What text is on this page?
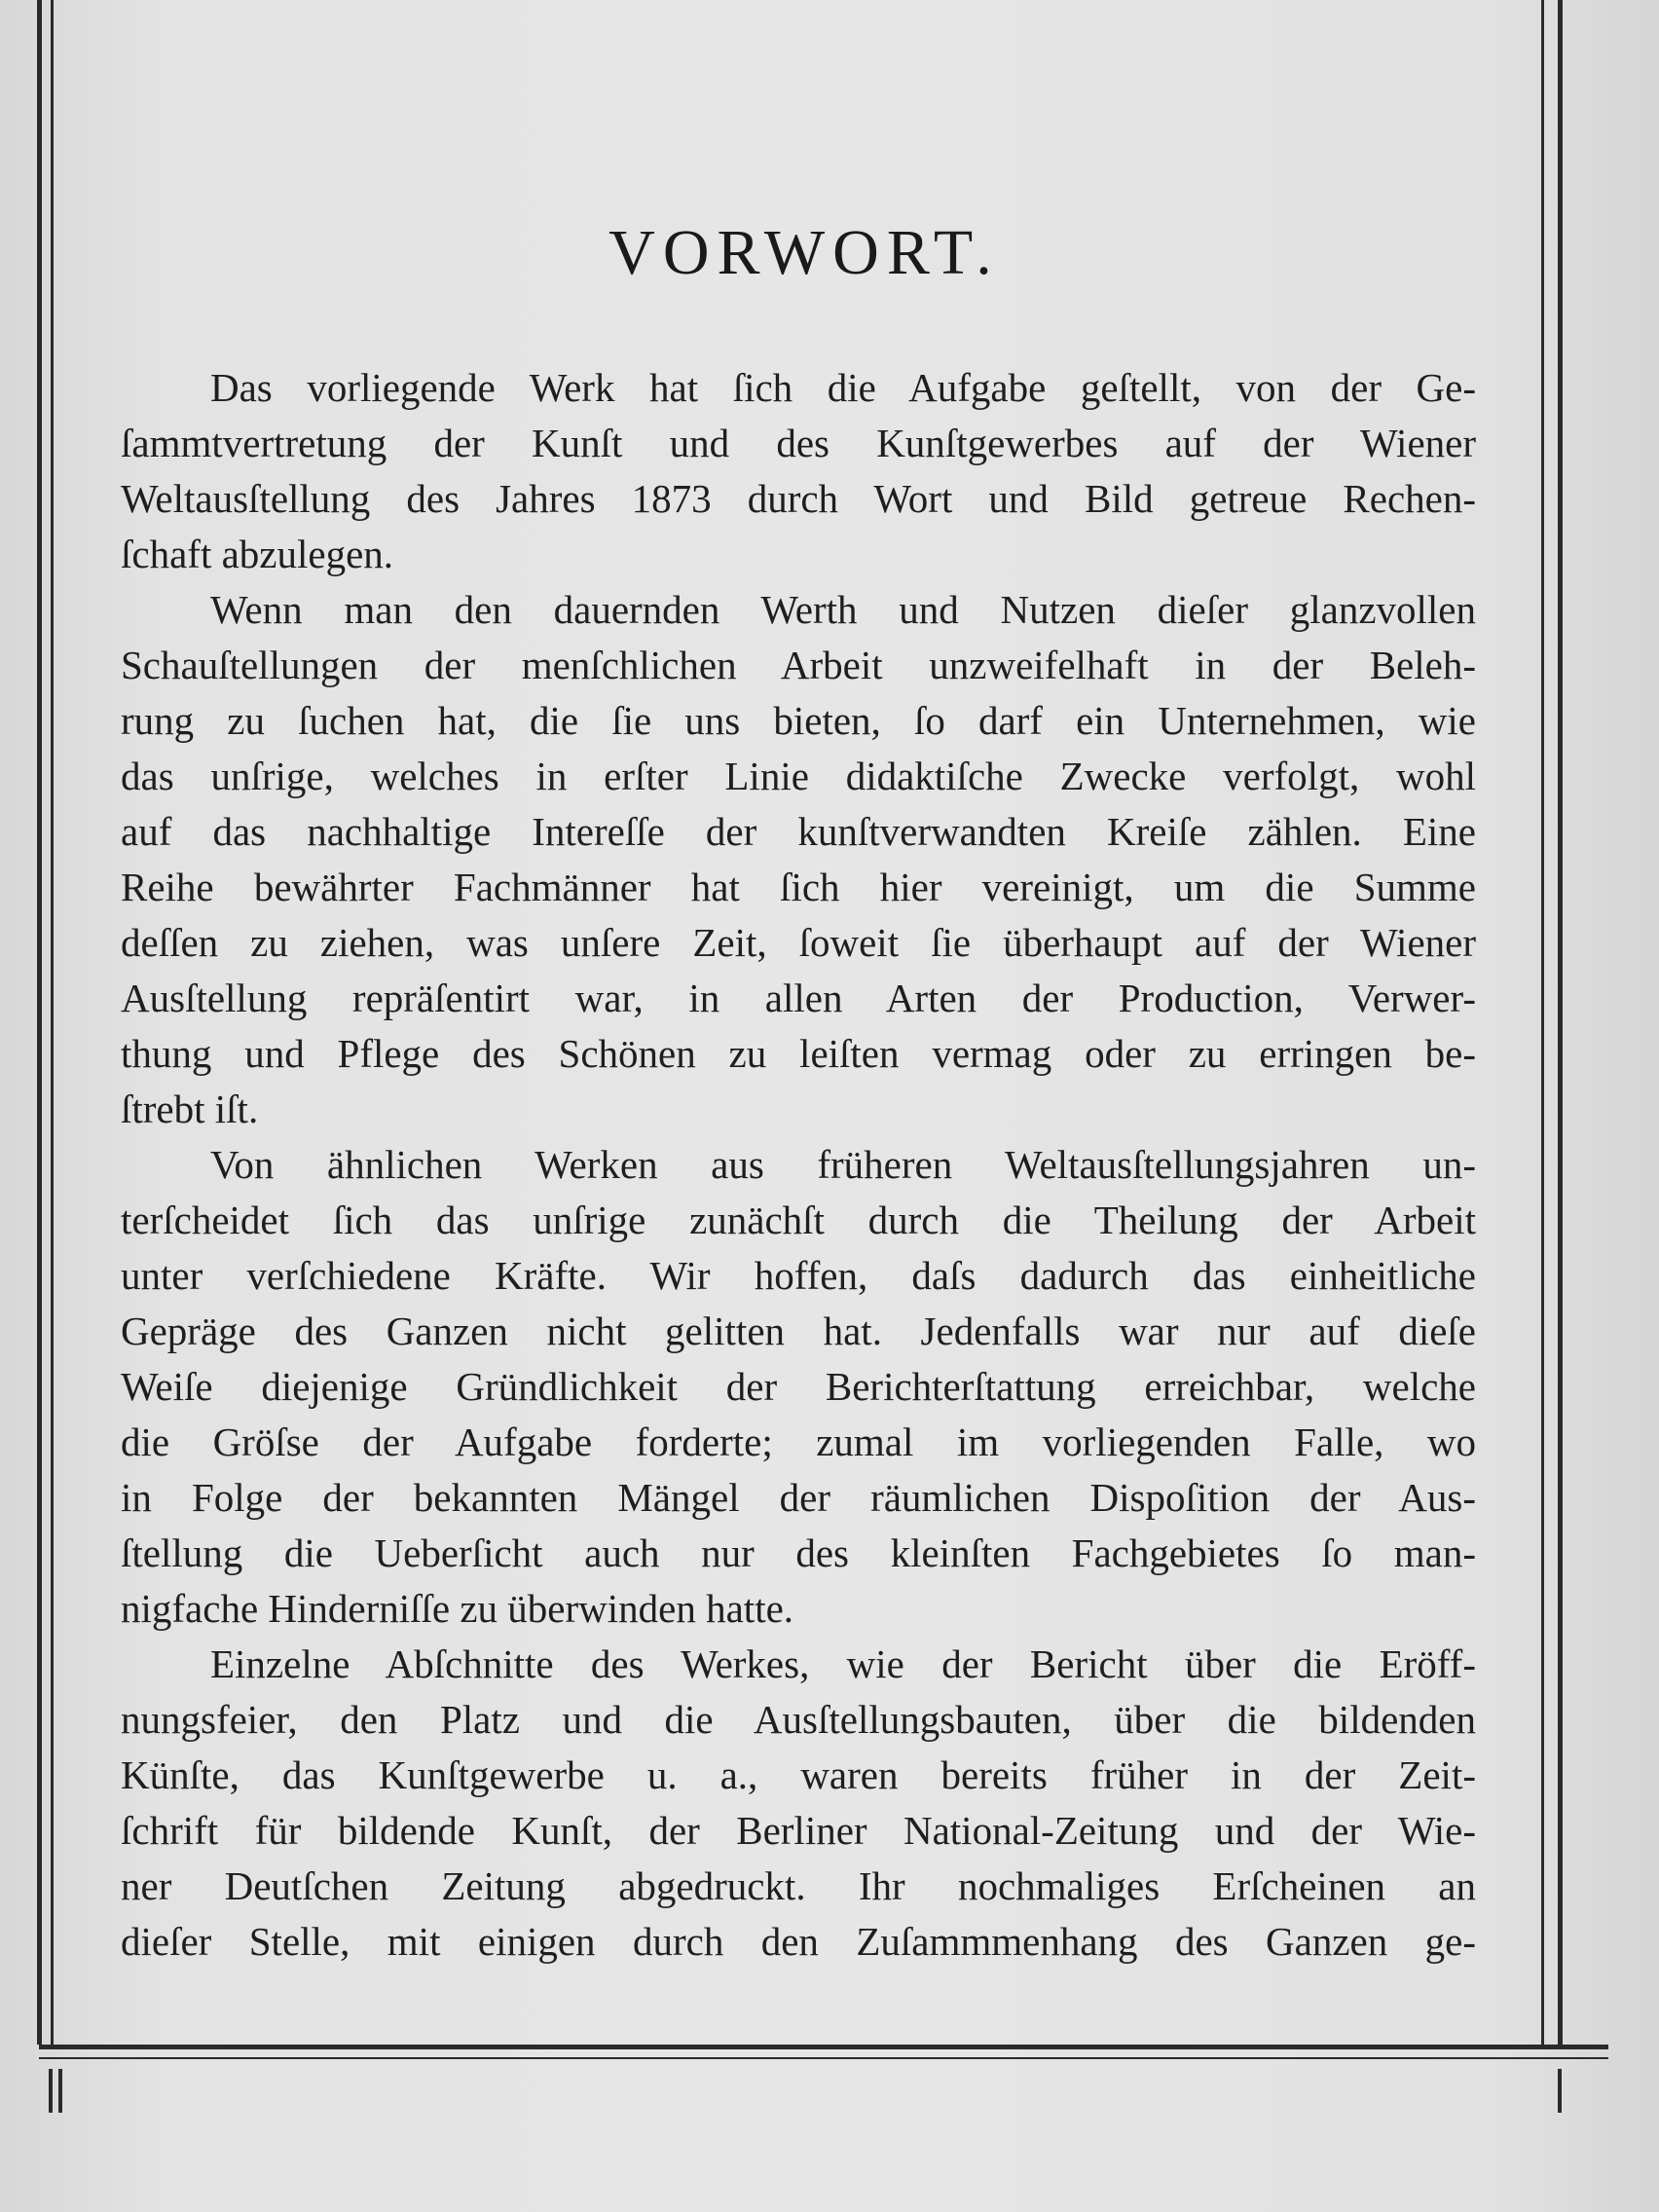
VORWORT.
Das vorliegende Werk hat ſich die Aufgabe geſtellt, von der Ge-
ſammtvertretung der Kunſt und des Kunſtgewerbes auf der Wiener
Weltausſtellung des Jahres 1873 durch Wort und Bild getreue Rechen-
ſchaft abzulegen.
Wenn man den dauernden Werth und Nutzen dieſer glanzvollen
Schauſtellungen der menſchlichen Arbeit unzweifelhaft in der Beleh-
rung zu ſuchen hat, die ſie uns bieten, ſo darf ein Unternehmen, wie
das unſrige, welches in erſter Linie didaktiſche Zwecke verfolgt, wohl
auf das nachhaltige Intereſſe der kunſtverwandten Kreiſe zählen. Eine
Reihe bewährter Fachmänner hat ſich hier vereinigt, um die Summe
deſſen zu ziehen, was unſere Zeit, ſoweit ſie überhaupt auf der Wiener
Ausſtellung repräſentirt war, in allen Arten der Production, Verwer-
thung und Pflege des Schönen zu leiſten vermag oder zu erringen be-
ſtrebt iſt.
Von ähnlichen Werken aus früheren Weltausſtellungsjahren un-
terſcheidet ſich das unſrige zunächſt durch die Theilung der Arbeit
unter verſchiedene Kräfte. Wir hoffen, daſs dadurch das einheitliche
Gepräge des Ganzen nicht gelitten hat. Jedenfalls war nur auf dieſe
Weiſe diejenige Gründlichkeit der Berichterſtattung erreichbar, welche
die Gröſse der Aufgabe forderte; zumal im vorliegenden Falle, wo
in Folge der bekannten Mängel der räumlichen Dispoſition der Aus-
ſtellung die Ueberſicht auch nur des kleinſten Fachgebietes ſo man-
nigfache Hinderniſſe zu überwinden hatte.
Einzelne Abſchnitte des Werkes, wie der Bericht über die Eröff-
nungsfeier, den Platz und die Ausſtellungsbauten, über die bildenden
Künſte, das Kunſtgewerbe u. a., waren bereits früher in der Zeit-
ſchrift für bildende Kunſt, der Berliner National-Zeitung und der Wie-
ner Deutſchen Zeitung abgedruckt. Ihr nochmaliges Erſcheinen an
dieſer Stelle, mit einigen durch den Zuſammmenhang des Ganzen ge-
